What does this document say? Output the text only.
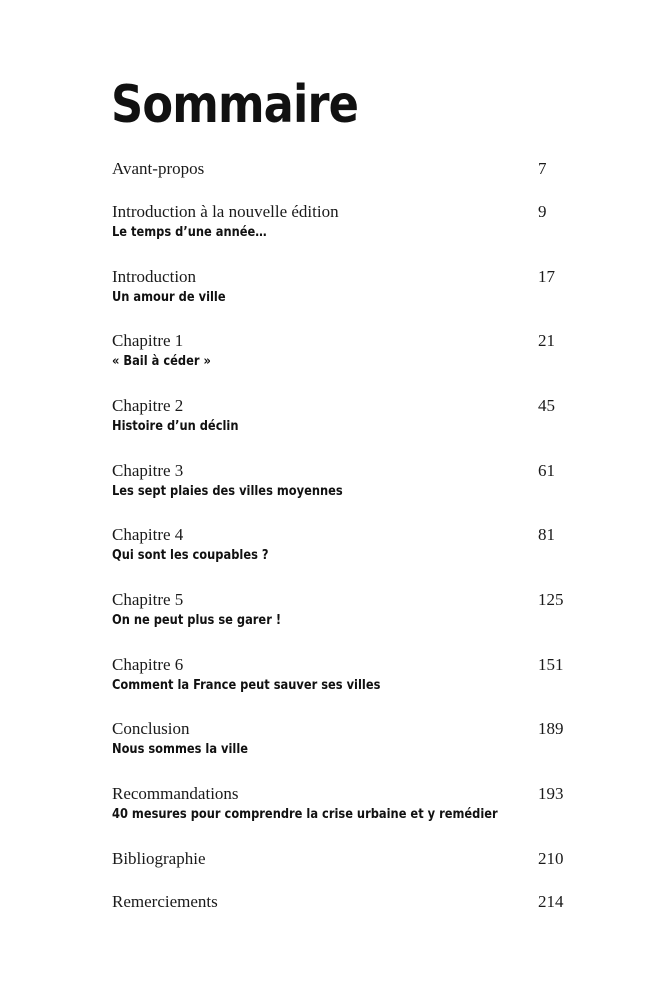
Sommaire
Avant-propos	7
Introduction à la nouvelle édition	9
Le temps d’une année…
Introduction	17
Un amour de ville
Chapitre 1	21
« Bail à céder »
Chapitre 2	45
Histoire d’un déclin
Chapitre 3	61
Les sept plaies des villes moyennes
Chapitre 4	81
Qui sont les coupables ?
Chapitre 5	125
On ne peut plus se garer !
Chapitre 6	151
Comment la France peut sauver ses villes
Conclusion	189
Nous sommes la ville
Recommandations	193
40 mesures pour comprendre la crise urbaine et y remédier
Bibliographie	210
Remerciements	214
